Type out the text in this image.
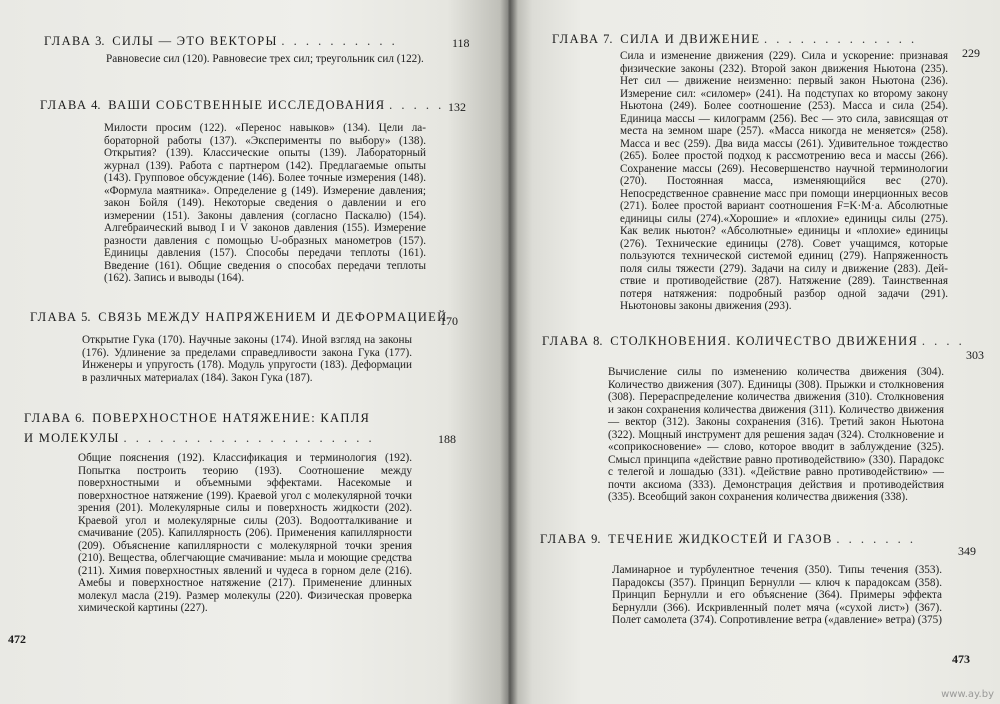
ГЛАВА 3. СИЛЫ — ЭТО ВЕКТОРЫ . . . . . . . . . .	118
Равновесие сил (120). Равновесие трех сил; треугольник сил (122).
ГЛАВА 4. ВАШИ СОБСТВЕННЫЕ ИССЛЕДОВАНИЯ . . . . . 132
Милости просим (122). «Перенос навыков» (134). Цели лабораторной работы (137). «Эксперименты по выбору» (138). Открытия? (139). Классические опыты (139). Лабораторный журнал (139). Работа с партнером (142). Предлагаемые опыты (143). Групповое обсуждение (146). Более точные измерения (148). «Формула маятника». Определение g (149). Измерение давления; закон Бойля (149). Некоторые сведения о давлении и его измерении (151). Законы давления (согласно Паскалю) (154). Алгебраический вывод I и V законов давления (155). Измерение разности давления с помощью U-образных манометров (157). Единицы давления (157). Способы передачи теплоты (161). Введение (161). Общие сведения о способах передачи теплоты (162). Запись и выводы (164).
ГЛАВА 5. СВЯЗЬ МЕЖДУ НАПРЯЖЕНИЕМ И ДЕФОРМАЦИЕЙ
170
Открытие Гука (170). Научные законы (174). Иной взгляд на законы (176). Удлинение за пределами справедливости закона Гука (177). Инженеры и упругость (178). Модуль упругости (183). Деформации в различных материалах (184). Закон Гука (187).
ГЛАВА 6. ПОВЕРХНОСТНОЕ НАТЯЖЕНИЕ: КАПЛЯ И МОЛЕКУЛЫ . . . . . . . . . . . . . . . . . . . . .	188
Общие пояснения (192). Классификация и терминология (192). Попытка построить теорию (193). Соотношение между поверхностными и объемными эффектами. Насекомые и поверхностное натяжение (199). Краевой угол с молекулярной точки зрения (201). Молекулярные силы и поверхность жидкости (202). Краевой угол и молекулярные силы (203). Водоотталкивание и смачивание (205). Капиллярность (206). Применения капиллярности (209). Объяснение капиллярности с молекулярной точки зрения (210). Вещества, облегчающие смачивание: мыла и моющие средства (211). Химия поверхностных явлений и чудеса в горном деле (216). Амебы и поверхностное натяжение (217). Применение длинных молекул масла (219). Размер молекулы (220). Физическая проверка химической картины (227).
472
ГЛАВА 7. СИЛА И ДВИЖЕНИЕ . . . . . . . . . . . . .
229
Сила и изменение движения (229). Сила и ускорение: признавая физические законы (232). Второй закон движения Ньютона (235). Нет сил — движение неизменно: первый закон Ньютона (236). Измерение сил: «силомер» (241). На подступах ко второму закону Ньютона (249). Более соотношение (253). Масса и сила (254). Единица массы — килограмм (256). Вес — это сила, зависящая от места на земном шаре (257). «Масса никогда не меняется» (258). Масса и вес (259). Два вида массы (261). Удивительное тождество (265). Более простой подход к рассмотрению веса и массы (266). Сохранение массы (269). Несовершенство научной терминологии (270). Постоянная масса, изменяющийся вес (270). Непосредственное сравнение масс при помощи инерционных весов (271). Более простой вариант соотношения F=K·M·a. Абсолютные единицы силы (274).«Хорошие» и «плохие» единицы силы (275). Как велик ньютон? «Абсолютные» единицы и «плохие» единицы (276). Технические единицы (278). Совет учащимся, которые пользуются технической системой единиц (279). Напряженность поля силы тяжести (279). Задачи на силу и движение (283). Действие и противодействие (287). Натяжение (289). Таинственная потеря натяжения: подробный разбор одной задачи (291). Ньютоновы законы движения (293).
ГЛАВА 8. СТОЛКНОВЕНИЯ. КОЛИЧЕСТВО ДВИЖЕНИЯ . . . .
303
Вычисление силы по изменению количества движения (304). Количество движения (307). Единицы (308). Прыжки и столкновения (308). Перераспределение количества движения (310). Столкновения и закон сохранения количества движения (311). Количество движения — вектор (312). Законы сохранения (316). Третий закон Ньютона (322). Мощный инструмент для решения задач (324). Столкновение и «соприкосновение» — слово, которое вводит в заблуждение (325). Смысл принципа «действие равно противодействию» (330). Парадокс с телегой и лошадью (331). «Действие равно противодействию» — почти аксиома (333). Демонстрация действия и противодействия (335). Всеобщий закон сохранения количества движения (338).
ГЛАВА 9. ТЕЧЕНИЕ ЖИДКОСТЕЙ И ГАЗОВ . . . . . . .
349
Ламинарное и турбулентное течения (350). Типы течения (353). Парадоксы (357). Принцип Бернулли — ключ к парадоксам (358). Принцип Бернулли и его объяснение (364). Примеры эффекта Бернулли (366). Искривленный полет мяча («сухой лист») (367). Полет самолета (374). Сопротивление ветра («давление» ветра) (375)
473
www.ay.by
